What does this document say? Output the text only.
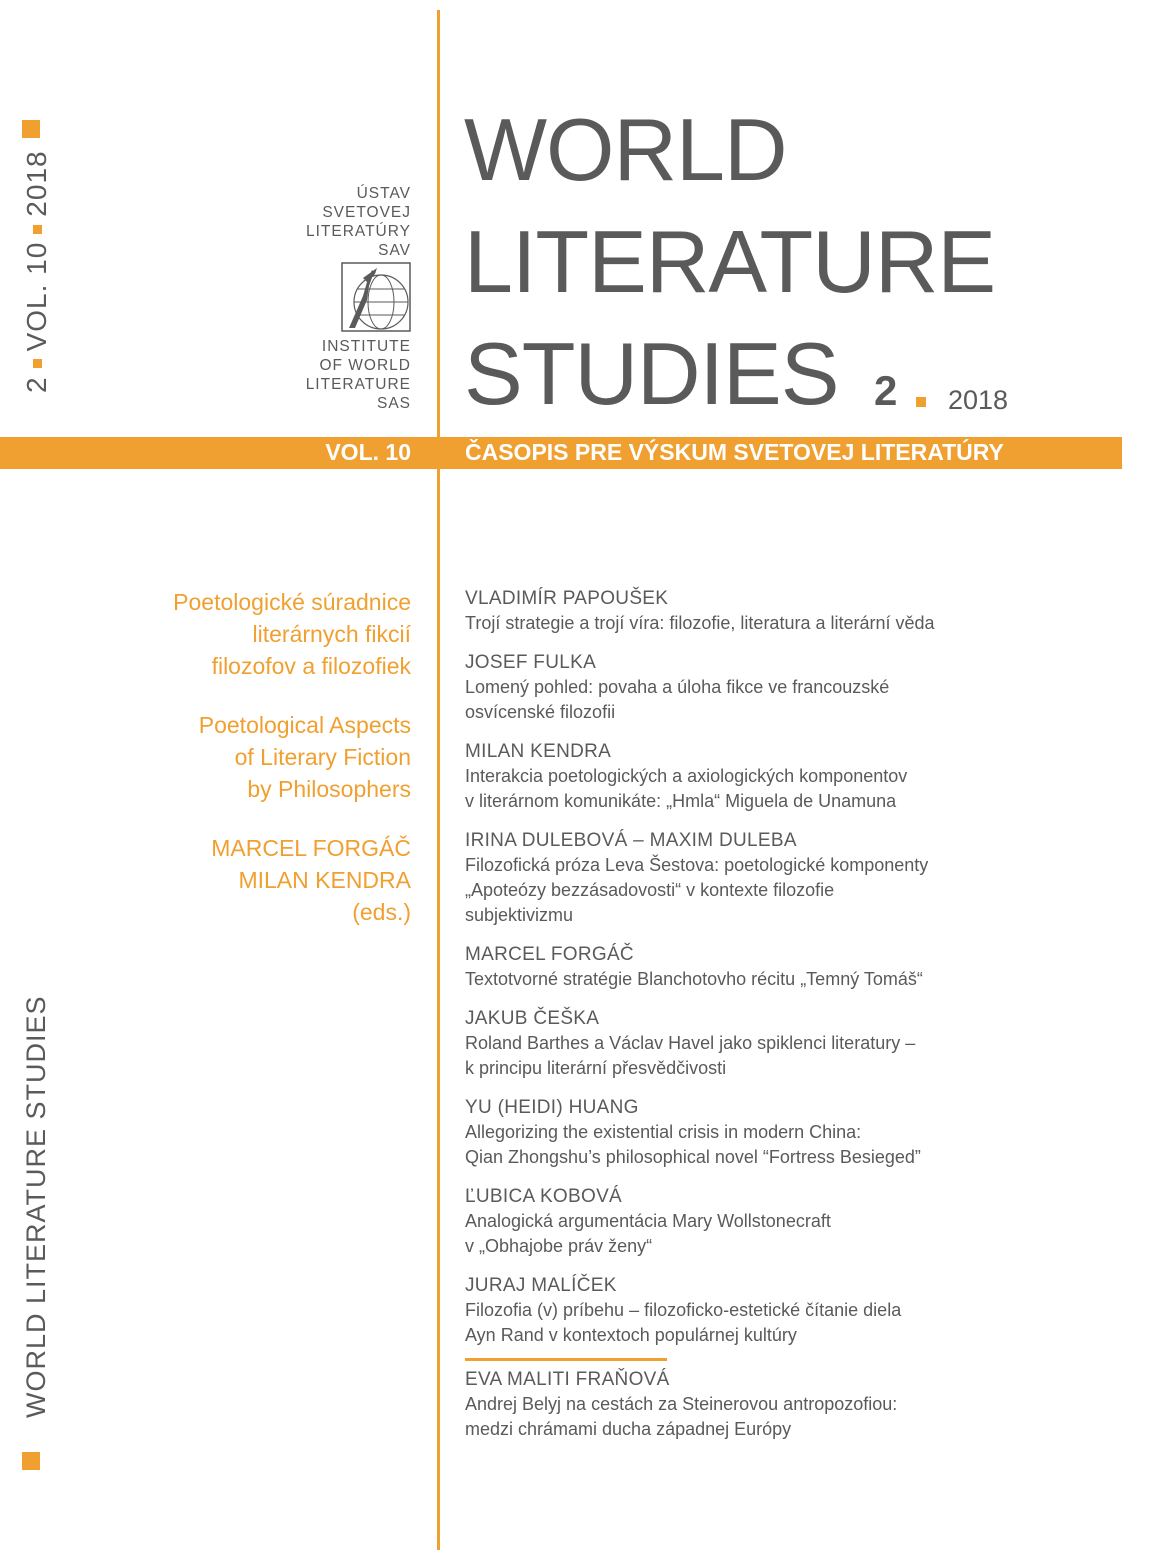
2
VOL. 10
2018
WORLD LITERATURE STUDIES
ÚSTAV
SVETOVEJ
LITERATÚRY
SAV
INSTITUTE
OF WORLD
LITERATURE
SAS
WORLD
LITERATURE
STUDIES 2 2018
VOL. 10 ČASOPIS PRE VÝSKUM SVETOVEJ LITERATÚRY
Poetologické súradnice
literárnych fikcií
filozofov a filozofiek
Poetological Aspects
of Literary Fiction
by Philosophers
MARCEL FORGÁČ
MILAN KENDRA
(eds.)
VLADIMÍR PAPOUŠEK
Trojí strategie a trojí víra: filozofie, literatura a literární věda
JOSEF FULKA
Lomený pohled: povaha a úloha fikce ve francouzské
osvícenské filozofii
MILAN KENDRA
Interakcia poetologických a axiologických komponentov
v literárnom komunikáte: „Hmla“ Miguela de Unamuna
IRINA DULEBOVÁ – MAXIM DULEBA
Filozofická próza Leva Šestova: poetologické komponenty
„Apoteózy bezzásadovosti“ v kontexte filozofie
subjektivizmu
MARCEL FORGÁČ
Textotvorné stratégie Blanchotovho récitu „Temný Tomáš“
JAKUB ČEŠKA
Roland Barthes a Václav Havel jako spiklenci literatury –
k principu literární přesvědčivosti
YU (HEIDI) HUANG
Allegorizing the existential crisis in modern China:
Qian Zhongshu’s philosophical novel “Fortress Besieged”
ĽUBICA KOBOVÁ
Analogická argumentácia Mary Wollstonecraft
v „Obhajobe práv ženy“
JURAJ MALÍČEK
Filozofia (v) príbehu – filozoficko-estetické čítanie diela
Ayn Rand v kontextoch populárnej kultúry
EVA MALITI FRAŇOVÁ
Andrej Belyj na cestách za Steinerovou antropozofiou:
medzi chrámami ducha západnej Európy
